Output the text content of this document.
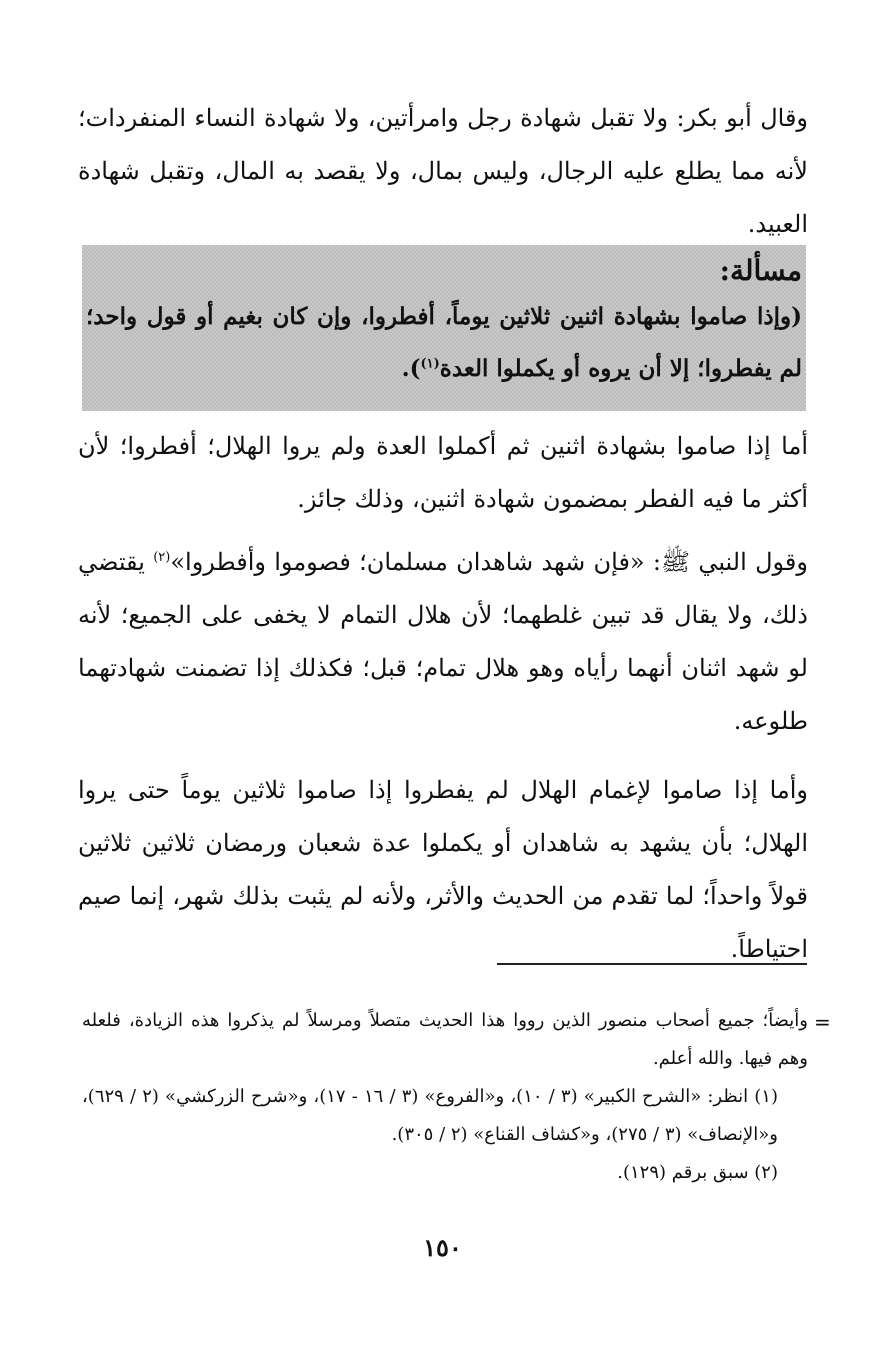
وقال أبو بكر: ولا تقبل شهادة رجل وامرأتين، ولا شهادة النساء المنفردات؛ لأنه مما يطلع عليه الرجال، وليس بمال، ولا يقصد به المال، وتقبل شهادة العبيد.

مسألة:

(وإذا صاموا بشهادة اثنين ثلاثين يوماً، أفطروا، وإن كان بغيم أو قول واحد؛ لم يفطروا؛ إلا أن يروه أو يكملوا العدة$^{(١)}$).

أما إذا صاموا بشهادة اثنين ثم أكملوا العدة ولم يروا الهلال؛ أفطروا؛ لأن أكثر ما فيه الفطر بمضمون شهادة اثنين، وذلك جائز.

وقول النبي ﷺ: «فإن شهد شاهدان مسلمان؛ فصوموا وأفطروا»$^{(٢)}$ يقتضي ذلك، ولا يقال قد تبين غلطهما؛ لأن هلال التمام لا يخفى على الجميع؛ لأنه لو شهد اثنان أنهما رأياه وهو هلال تمام؛ قبل؛ فكذلك إذا تضمنت شهادتهما طلوعه.

وأما إذا صاموا لإغمام الهلال لم يفطروا إذا صاموا ثلاثين يوماً حتى يروا الهلال؛ بأن يشهد به شاهدان أو يكملوا عدة شعبان ورمضان ثلاثين ثلاثين قولاً واحداً؛ لما تقدم من الحديث والأثر، ولأنه لم يثبت بذلك شهر، إنما صيم احتياطاً.

=

وأيضاً؛ جميع أصحاب منصور الذين رووا هذا الحديث متصلاً ومرسلاً لم يذكروا هذه الزيادة، فلعله وهم فيها. والله أعلم.

(١) انظر: «الشرح الكبير» (٣ / ١٠)، و«الفروع» (٣ / ١٦ - ١٧)، و«شرح الزركشي» (٢ / ٦٢٩)، و«الإنصاف» (٣ / ٢٧٥)، و«كشاف القناع» (٢ / ٣٠٥).

(٢) سبق برقم (١٢٩).

١٥٠
